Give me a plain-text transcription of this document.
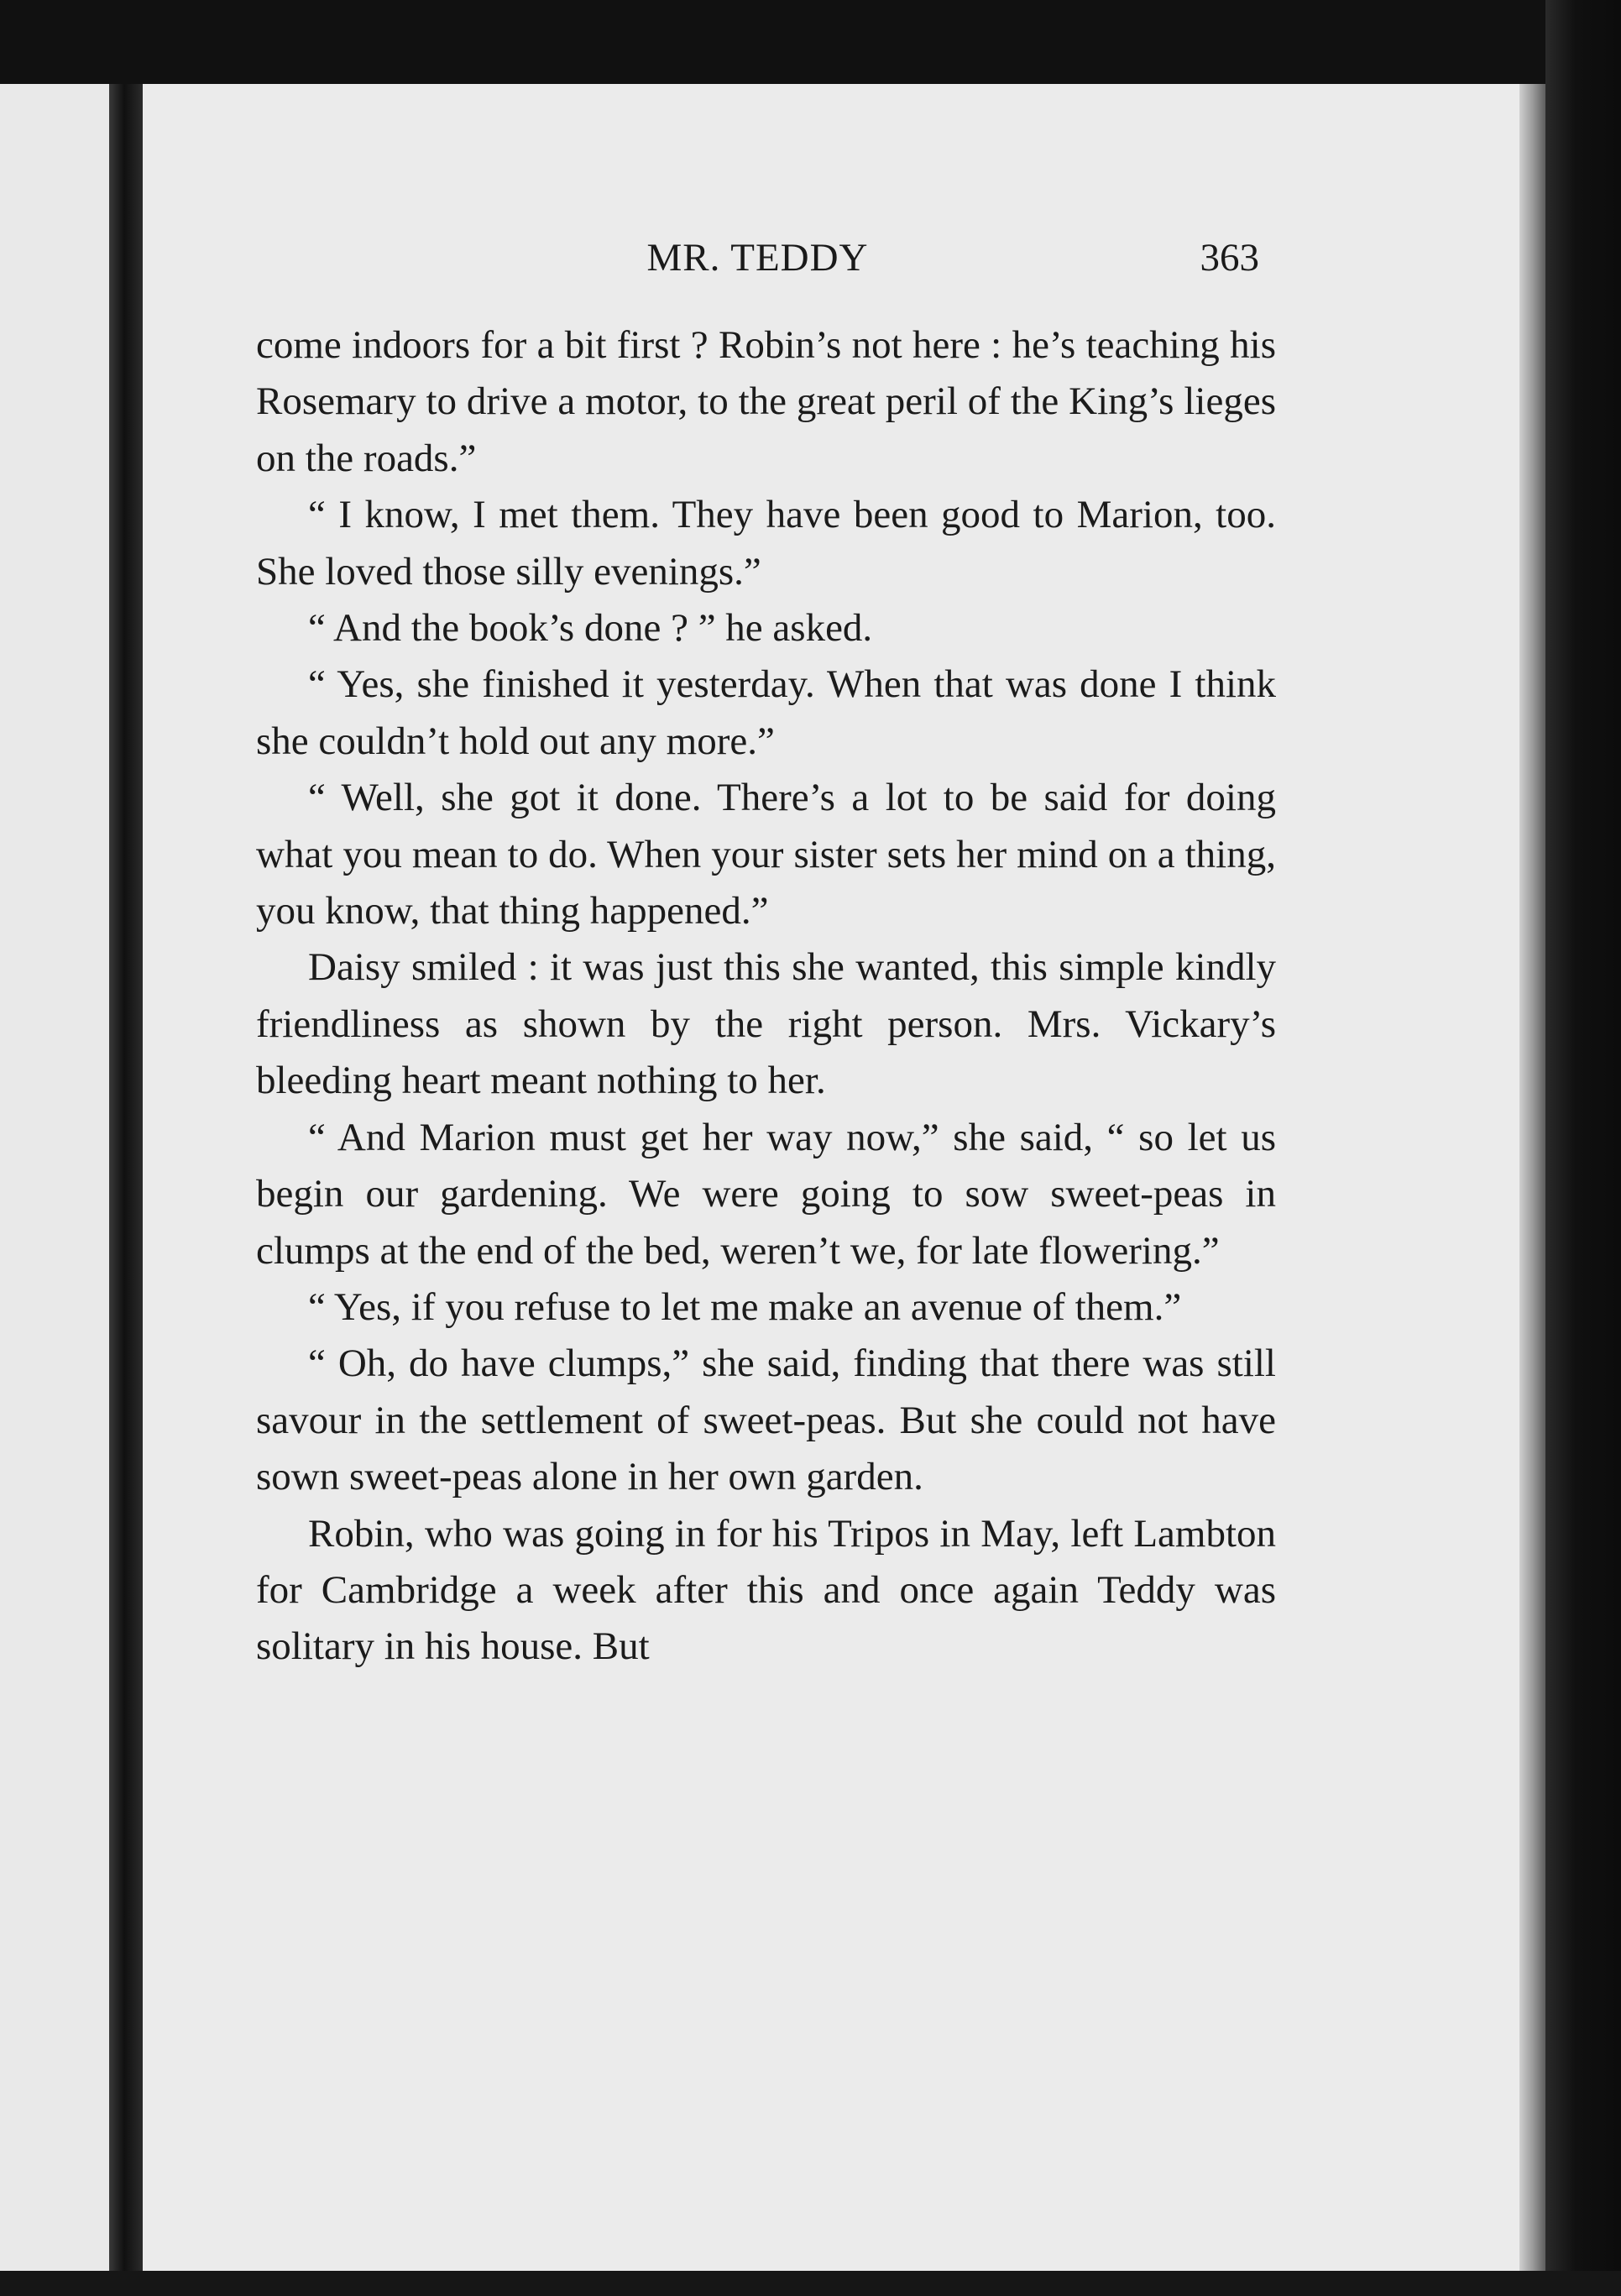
MR. TEDDY	363

come indoors for a bit first ? Robin’s not here : he’s teaching his Rosemary to drive a motor, to the great peril of the King’s lieges on the roads.”

“ I know, I met them. They have been good to Marion, too. She loved those silly evenings.”

“ And the book’s done ? ” he asked.

“ Yes, she finished it yesterday. When that was done I think she couldn’t hold out any more.”

“ Well, she got it done. There’s a lot to be said for doing what you mean to do. When your sister sets her mind on a thing, you know, that thing happened.”

Daisy smiled : it was just this she wanted, this simple kindly friendliness as shown by the right person. Mrs. Vickary’s bleeding heart meant nothing to her.

“ And Marion must get her way now,” she said, “ so let us begin our gardening. We were going to sow sweet-peas in clumps at the end of the bed, weren’t we, for late flowering.”

“ Yes, if you refuse to let me make an avenue of them.”

“ Oh, do have clumps,” she said, finding that there was still savour in the settlement of sweet-peas. But she could not have sown sweet-peas alone in her own garden.

Robin, who was going in for his Tripos in May, left Lambton for Cambridge a week after this and once again Teddy was solitary in his house. But
